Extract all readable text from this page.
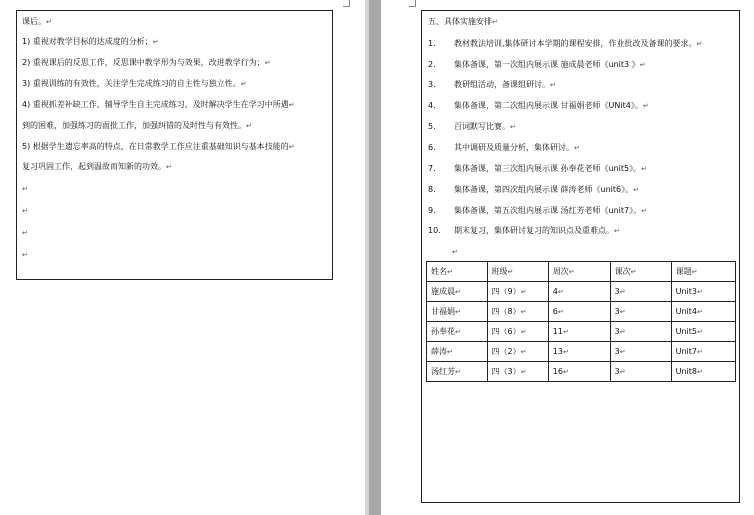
课后。↵
1) 重视对教学目标的达成度的分析；↵
2) 重视课后的反思工作，反思课中教学形为与效果，改进教学行为；↵
3) 重视训练的有效性，关注学生完成练习的自主性与独立性。↵
4) 重视抓差补缺工作，辅导学生自主完成练习，及时解决学生在学习中所遇↵
到的困难，加强练习的面批工作，加强纠错的及时性与有效性。↵
5) 根据学生遗忘率高的特点，在日常教学工作应注重基础知识与基本技能的↵
复习巩固工作，起到温故而知新的功效。↵
↵
↵
↵
↵
五、具体实施安排↵
1. 教材教法培训,集体研讨本学期的课程安排，作业批改及备课的要求。↵
2. 集体备课，第一次组内展示课 施成晨老师《unit3 》↵
3. 教研组活动，备课组研讨。↵
4. 集体备课，第二次组内展示课 甘福娟老师《UNit4》。↵
5. 百词默写比赛。↵
6. 其中调研及质量分析，集体研讨。↵
7. 集体备课，第三次组内展示课 孙奉花老师《unit5》。↵
8. 集体备课，第四次组内展示课 薛涛老师《unit6》。↵
9. 集体备课，第五次组内展示课 汤红芳老师《unit7》。↵
10. 期末复习，集体研讨复习的知识点及重难点。↵
↵
姓名↵	班级↵	周次↵	课次↵	课题↵
施成晨↵	四（9）↵	4↵	3↵	Unit3↵
甘福娟↵	四（8）↵	6↵	3↵	Unit4↵
孙奉花↵	四（6）↵	11↵	3↵	Unit5↵
薛涛↵	四（2）↵	13↵	3↵	Unit7↵
汤红芳↵	四（3）↵	16↵	3↵	Unit8↵
